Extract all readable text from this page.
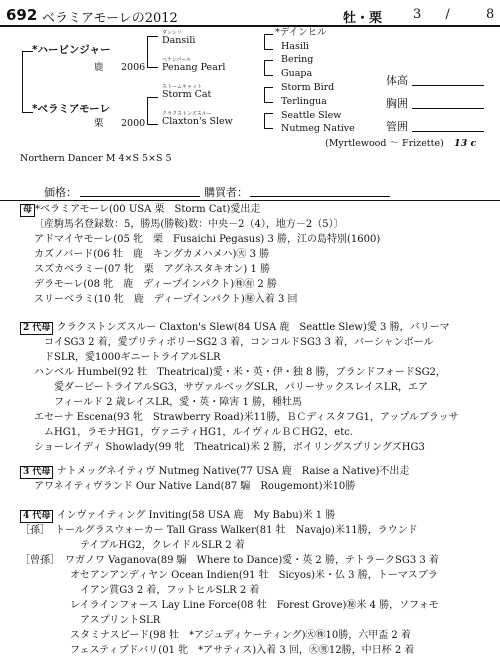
692 ベラミアモーレの2012	牡・栗 3 /	8
*ハービンジャー
鹿 2006
*ベラミアモーレ
栗 2000
ダンシリ
Dansili
ペナンパール
Penang Pearl
ストームキャット
Storm Cat
クラクストンズスルー
Claxton's Slew
*デインヒル
Hasili
Bering
Guapa
Storm Bird
Terlingua
Seattle Slew
Nutmeg Native
体高
胸囲
管囲
(Myrtlewood ～ Frizette) 13 c
Northern Dancer M 4×S 5×S 5
価格：	購買者：
母 *ベラミアモーレ(00 USA 栗　Storm Cat)愛出走
〔産駒馬名登録数：5，勝馬(勝鞍)数：中央－2（4），地方－2（5）〕
アドマイヤモーレ(05 牝　栗　Fusaichi Pegasus) 3 勝，江の島特別(1600)
カズノバード(06 牡　鹿　キングカメハメハ)㊋ 3 勝
スズカベラミー(07 牝　栗　アグネスタキオン) 1 勝
デラモーレ(08 牝　鹿　ディープインパクト)㊑㊒ 2 勝
スリーベラミ(10 牝　鹿　ディープインパクト)㊙入着 3 回
2 代母 クラクストンズスルー Claxton's Slew(84 USA 鹿　Seattle Slew)愛 3 勝，バリーマ
　コイSG3 2 着，愛プリティポリーSG2 3 着，コンコルドSG3 3 着，バーシャンボール
　ドSLR，愛1000ギニートライアルSLR
ハンベル Humbel(92 牡　Theatrical)愛・米・英・伊・独 8 勝，ブランドフォードSG2，
　　愛ダービートライアルSG3，サヴァルベッグSLR，パリーサックスレイスLR，エア
　　フィールド 2 歳レイスLR，愛・英・障害 1 勝，種牡馬
エセーナ Escena(93 牝　Strawberry Road)米11勝，ＢＣディスタフG1，アップルブラッサ
　ムHG1，ラモナHG1，ヴァニティHG1，ルイヴィルＢＣHG2，etc.
ショーレイディ Showlady(99 牝　Theatrical)米 2 勝，ボイリングスプリングズHG3
3 代母 ナトメッグネイティヴ Nutmeg Native(77 USA 鹿　Raise a Native)不出走
アワネイティヴランド Our Native Land(87 騸　Rougemont)米10勝
4 代母 インヴァイティング Inviting(58 USA 鹿　My Babu)米 1 勝
［孫］　トールグラスウォーカー Tall Grass Walker(81 牡　Navajo)米11勝，ラウンド
　　　　　　テイブルHG2，クレイドルSLR 2 着
［曾孫］　ワガノワ Vaganova(89 騸　Where to Dance)愛・英 2 勝，テトラークSG3 3 着
　　　　　オセアンアンディヤン Ocean Indien(91 牡　Sicyos)米・仏 3 勝，トーマスブラ
　　　　　　イアン賞G3 2 着，フットヒルSLR 2 着
　　　　　レイラインフォース Lay Line Force(08 牡　Forest Grove)㊙米 4 勝，ソフォモ
　　　　　　アスプリントSLR
　　　　　スタミナスピード(98 牡　*アジュディケーティング)㊋㊑10勝，六甲盃 2 着
　　　　　フェスティブドバリ(01 牝　*アサティス)入着 3 回，㊋㊚12勝，中日杯 2 着
